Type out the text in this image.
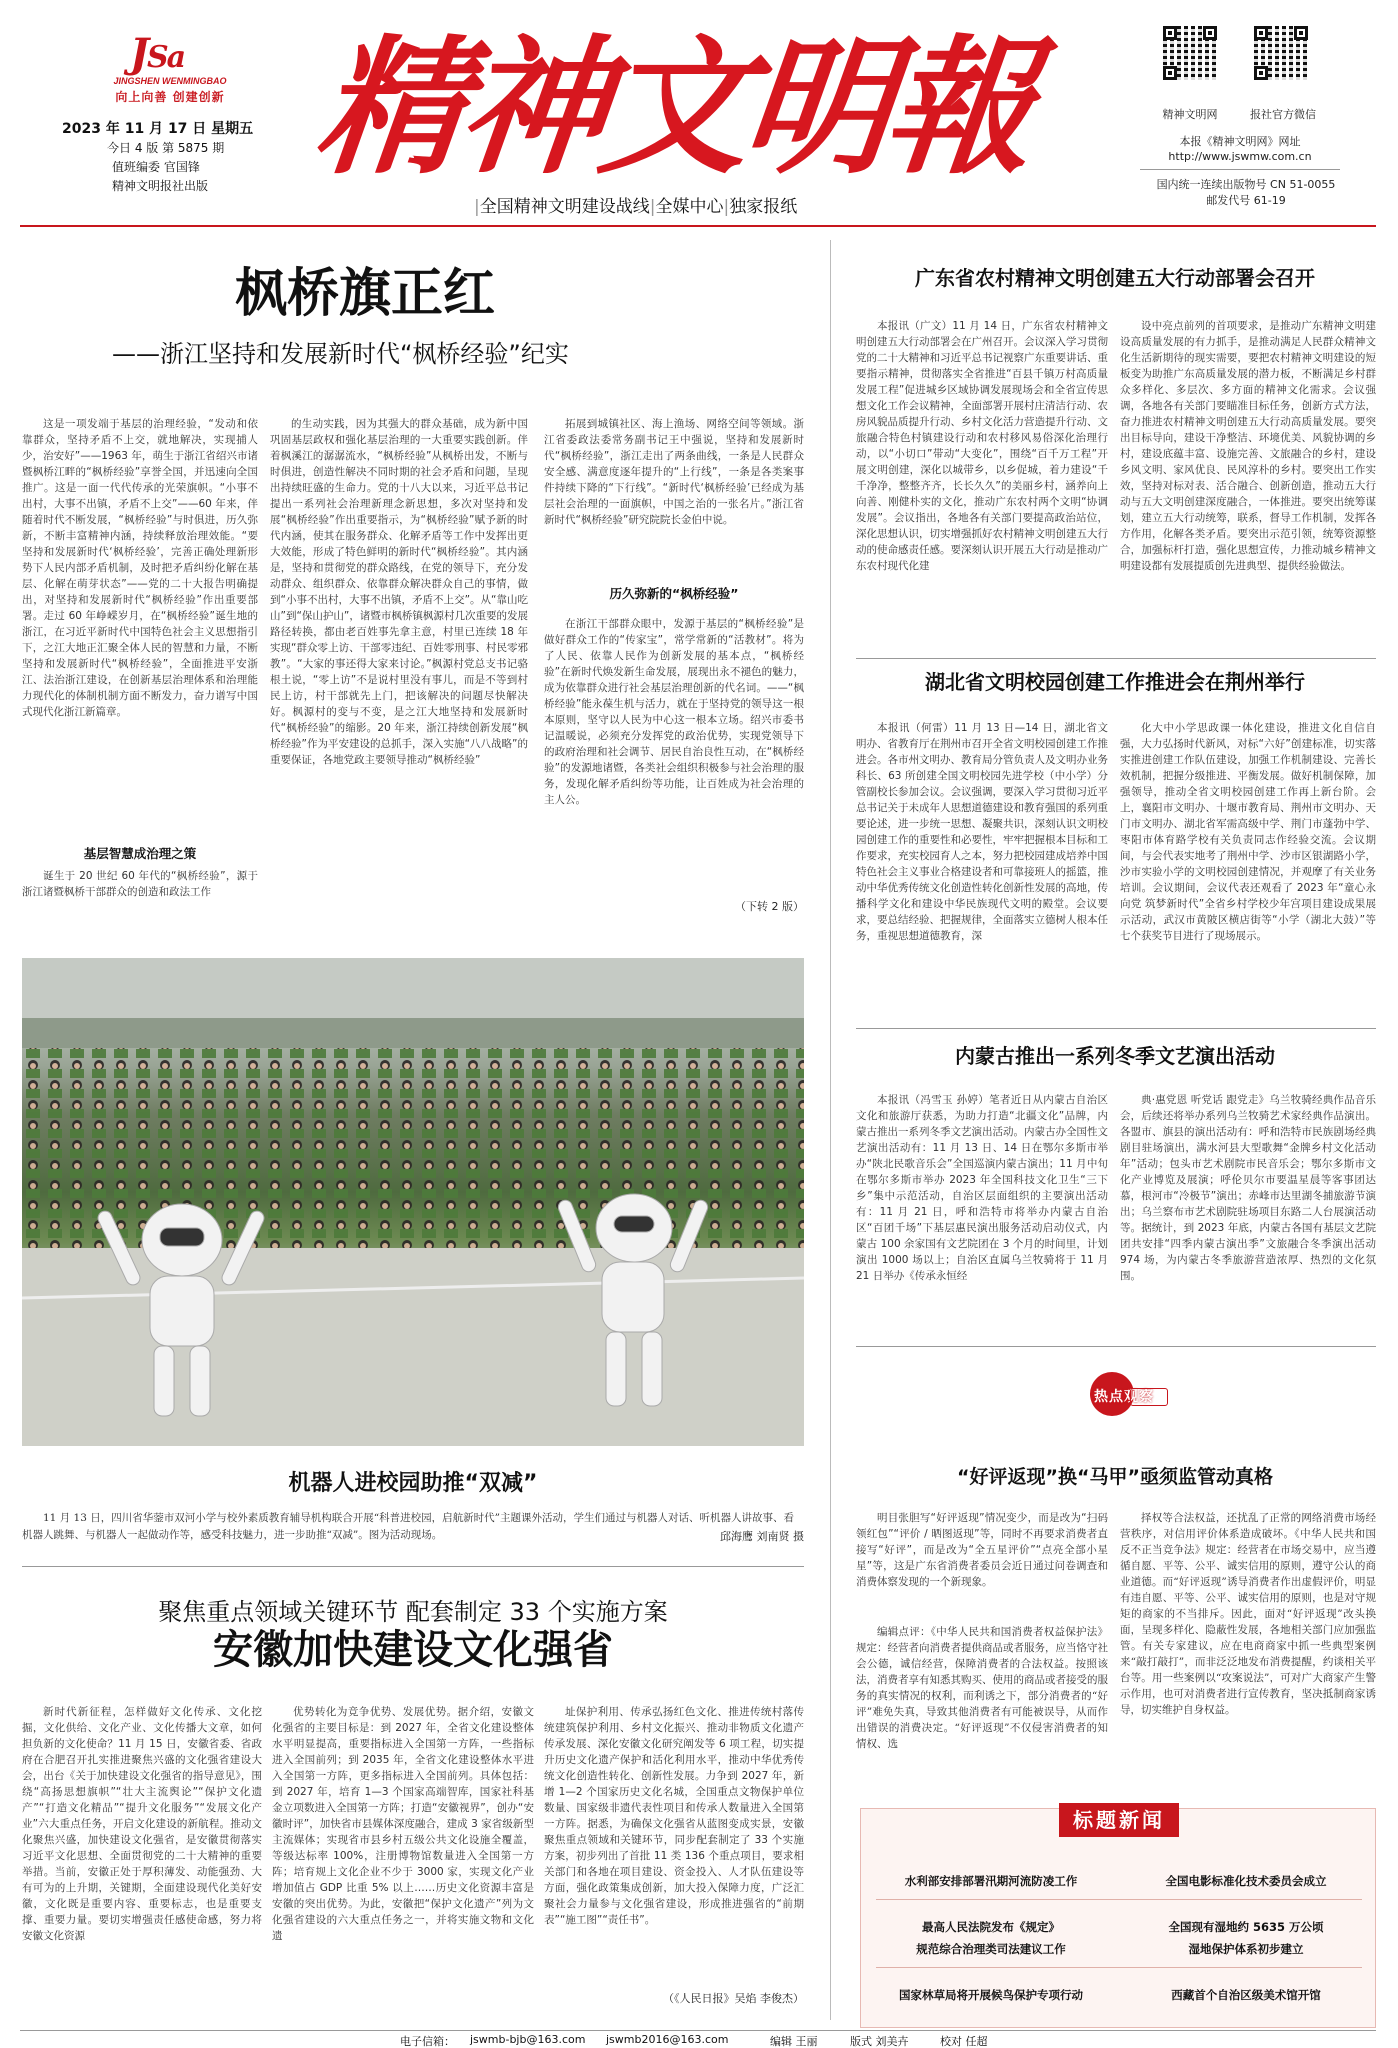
JSa
JINGSHEN WENMINGBAO
向上向善 创建创新
2023 年 11 月 17 日 星期五
今日 4 版 第 5875 期
值班编委 官国锋
精神文明报社出版 精神文明報
|全国精神文明建设战线|全媒中心|独家报纸
精神文明网	报社官方微信
本报《精神文明网》网址
http://www.jswmw.com.cn
国内统一连续出版物号 CN 51-0055
邮发代号 61-19
枫桥旗正红
——浙江坚持和发展新时代“枫桥经验”纪实
这是一项发端于基层的治理经验，“发动和依靠群众，坚持矛盾不上交，就地解决，实现捕人少，治安好”——1963 年，萌生于浙江省绍兴市诸暨枫桥江畔的“枫桥经验”享誉全国，并迅速向全国推广。这是一面一代代传承的光荣旗帜。“小事不出村，大事不出镇，矛盾不上交”——60 年来，伴随着时代不断发展，“枫桥经验”与时俱进，历久弥新，不断丰富精神内涵，持续释放治理效能。“要坚持和发展新时代‘枫桥经验’，完善正确处理新形势下人民内部矛盾机制，及时把矛盾纠纷化解在基层、化解在萌芽状态”——党的二十大报告明确提出，对坚持和发展新时代“枫桥经验”作出重要部署。走过 60 年峥嵘岁月，在“枫桥经验”诞生地的浙江，在习近平新时代中国特色社会主义思想指引下，之江大地正汇聚全体人民的智慧和力量，不断坚持和发展新时代“枫桥经验”，全面推进平安浙江、法治浙江建设，在创新基层治理体系和治理能力现代化的体制机制方面不断发力，奋力谱写中国式现代化浙江新篇章。
基层智慧成治理之策
诞生于 20 世纪 60 年代的“枫桥经验”，源于浙江诸暨枫桥干部群众的创造和政法工作
的生动实践，因为其强大的群众基础，成为新中国巩固基层政权和强化基层治理的一大重要实践创新。伴着枫溪江的潺潺流水，“枫桥经验”从枫桥出发，不断与时俱进，创造性解决不同时期的社会矛盾和问题，呈现出持续旺盛的生命力。党的十八大以来，习近平总书记提出一系列社会治理新理念新思想，多次对坚持和发展“枫桥经验”作出重要指示，为“枫桥经验”赋予新的时代内涵，使其在服务群众、化解矛盾等工作中发挥出更大效能，形成了特色鲜明的新时代“枫桥经验”。其内涵是，坚持和贯彻党的群众路线，在党的领导下，充分发动群众、组织群众、依靠群众解决群众自己的事情，做到“小事不出村，大事不出镇，矛盾不上交”。从“靠山吃山”到“保山护山”，诸暨市枫桥镇枫源村几次重要的发展路径转换，都由老百姓事先拿主意，村里已连续 18 年实现“群众零上访、干部零违纪、百姓零刑事、村民零邪教”。“大家的事还得大家来讨论。”枫源村党总支书记骆根土说，“零上访”不是说村里没有事儿，而是不等到村民上访，村干部就先上门，把该解决的问题尽快解决好。枫源村的变与不变，是之江大地坚持和发展新时代“枫桥经验”的缩影。20 年来，浙江持续创新发展“枫桥经验”作为平安建设的总抓手，深入实施“八八战略”的重要保证，各地党政主要领导推动“枫桥经验”
拓展到城镇社区、海上渔场、网络空间等领域。浙江省委政法委常务副书记王中强说，坚持和发展新时代“枫桥经验”，浙江走出了两条曲线，一条是人民群众安全感、满意度逐年提升的“上行线”，一条是各类案事件持续下降的“下行线”。“新时代‘枫桥经验’已经成为基层社会治理的一面旗帜，中国之治的一张名片。”浙江省新时代“枫桥经验”研究院院长金伯中说。
历久弥新的“枫桥经验”
在浙江干部群众眼中，发源于基层的“枫桥经验”是做好群众工作的“传家宝”，常学常新的“活教材”。将为了人民、依靠人民作为创新发展的基本点，“枫桥经验”在新时代焕发新生命发展，展现出永不褪色的魅力，成为依靠群众进行社会基层治理创新的代名词。——“枫桥经验”能永葆生机与活力，就在于坚持党的领导这一根本原则，坚守以人民为中心这一根本立场。绍兴市委书记温暖说，必须充分发挥党的政治优势，实现党领导下的政府治理和社会调节、居民自治良性互动，在“枫桥经验”的发源地诸暨，各类社会组织积极参与社会治理的服务，发现化解矛盾纠纷等功能，让百姓成为社会治理的主人公。
（下转 2 版）
机器人进校园助推“双减”
11 月 13 日，四川省华蓥市双河小学与校外素质教育辅导机构联合开展“科普进校园，启航新时代”主题课外活动，学生们通过与机器人对话、听机器人讲故事、看机器人跳舞、与机器人一起做动作等，感受科技魅力，进一步助推“双减”。图为活动现场。	邱海鹰 刘南贤 摄
聚焦重点领域关键环节 配套制定 33 个实施方案
安徽加快建设文化强省
新时代新征程，怎样做好文化传承、文化挖掘，文化供给、文化产业、文化传播大文章，如何担负新的文化使命？11 月 15 日，安徽省委、省政府在合肥召开扎实推进聚焦兴盛的文化强省建设大会，出台《关于加快建设文化强省的指导意见》，围绕“高扬思想旗帜”“壮大主流舆论”“保护文化遗产”“打造文化精品”“提升文化服务”“发展文化产业”六大重点任务，开启文化建设的新航程。推动文化聚焦兴盛，加快建设文化强省，是安徽贯彻落实习近平文化思想、全面贯彻党的二十大精神的重要举措。当前，安徽正处于厚积薄发、动能强劲、大有可为的上升期，关键期，全面建设现代化美好安徽，文化既是重要内容、重要标志，也是重要支撑、重要力量。要切实增强责任感使命感，努力将安徽文化资源
优势转化为竞争优势、发展优势。据介绍，安徽文化强省的主要目标是：到 2027 年，全省文化建设整体水平明显提高，重要指标进入全国第一方阵，一些指标进入全国前列；到 2035 年，全省文化建设整体水平进入全国第一方阵，更多指标进入全国前列。具体包括：到 2027 年，培育 1—3 个国家高端智库，国家社科基金立项数进入全国第一方阵；打造“安徽视界”，创办“安徽时评”，加快省市县媒体深度融合，建成 3 家省级新型主流媒体；实现省市县乡村五级公共文化设施全覆盖，等级达标率 100%，注册博物馆数量进入全国第一方阵；培育规上文化企业不少于 3000 家，实现文化产业增加值占 GDP 比重 5% 以上……历史文化资源丰富是安徽的突出优势。为此，安徽把“保护文化遗产”列为文化强省建设的六大重点任务之一，并将实施文物和文化遗
址保护利用、传承弘扬红色文化、推进传统村落传统建筑保护利用、乡村文化振兴、推动非物质文化遗产传承发展、深化安徽文化研究阐发等 6 项工程，切实提升历史文化遗产保护和活化利用水平，推动中华优秀传统文化创造性转化、创新性发展。力争到 2027 年，新增 1—2 个国家历史文化名城，全国重点文物保护单位数量、国家级非遗代表性项目和传承人数量进入全国第一方阵。据悉，为确保文化强省从蓝图变成实景，安徽聚焦重点领域和关键环节，同步配套制定了 33 个实施方案，初步列出了首批 11 类 136 个重点项目，要求相关部门和各地在项目建设、资金投入、人才队伍建设等方面，强化政策集成创新，加大投入保障力度，广泛汇聚社会力量参与文化强省建设，形成推进强省的“前期表”“施工图”“责任书”。
（《人民日报》吴焰 李俊杰）
广东省农村精神文明创建五大行动部署会召开
本报讯（广文）11 月 14 日，广东省农村精神文明创建五大行动部署会在广州召开。会议深入学习贯彻党的二十大精神和习近平总书记视察广东重要讲话、重要指示精神，贯彻落实全省推进“百县千镇万村高质量发展工程”促进城乡区域协调发展现场会和全省宣传思想文化工作会议精神，全面部署开展村庄清洁行动、农房风貌品质提升行动、乡村文化活力营造提升行动、文旅融合特色村镇建设行动和农村移风易俗深化治理行动，以“小切口”带动“大变化”，围绕“百千万工程”开展文明创建，深化以城带乡，以乡促城，着力建设“千千净净，整整齐齐，长长久久”的美丽乡村，涵养向上向善、刚健朴实的文化，推动广东农村两个文明“协调发展”。会议指出，各地各有关部门要提高政治站位，深化思想认识，切实增强抓好农村精神文明创建五大行动的使命感责任感。要深刻认识开展五大行动是推动广东农村现代化建
设中亮点前列的首项要求，是推动广东精神文明建设高质量发展的有力抓手，是推动满足人民群众精神文化生活新期待的现实需要，要把农村精神文明建设的短板变为助推广东高质量发展的潜力板，不断满足乡村群众多样化、多层次、多方面的精神文化需求。会议强调，各地各有关部门要瞄准目标任务，创新方式方法，奋力推进农村精神文明创建五大行动高质量发展。要突出目标导向，建设干净整洁、环境优美、风貌协调的乡村，建设底蕴丰富、设施完善、文旅融合的乡村，建设乡风文明、家风优良、民风淳朴的乡村。要突出工作实效，坚持对标对表、活合融合、创新创造，推动五大行动与五大文明创建深度融合，一体推进。要突出统筹谋划，建立五大行动统筹，联系，督导工作机制，发挥各方作用，化解各类矛盾。要突出示范引领，统筹资源整合，加强标杆打造，强化思想宣传，力推动城乡精神文明建设都有发展提质创先进典型、提供经验做法。
湖北省文明校园创建工作推进会在荆州举行
本报讯（何雷）11 月 13 日—14 日，湖北省文明办、省教育厅在荆州市召开全省文明校园创建工作推进会。各市州文明办、教育局分管负责人及文明办业务科长、63 所创建全国文明校园先进学校（中小学）分管副校长参加会议。会议强调，要深入学习贯彻习近平总书记关于未成年人思想道德建设和教育强国的系列重要论述，进一步统一思想、凝聚共识，深刻认识文明校园创建工作的重要性和必要性，牢牢把握根本目标和工作要求，充实校园育人之本，努力把校园建成培养中国特色社会主义事业合格建设者和可靠接班人的摇篮，推动中华优秀传统文化创造性转化创新性发展的高地，传播科学文化和建设中华民族现代文明的殿堂。会议要求，要总结经验、把握规律，全面落实立德树人根本任务，重视思想道德教育，深
化大中小学思政课一体化建设，推进文化自信自强，大力弘扬时代新风，对标“六好”创建标准，切实落实推进创建工作队伍建设，加强工作机制建设、完善长效机制，把握分级推进、平衡发展。做好机制保障，加强领导，推动全省文明校园创建工作再上新台阶。会上，襄阳市文明办、十堰市教育局、荆州市文明办、天门市文明办、湖北省军需高级中学、荆门市蓬勃中学、枣阳市体育路学校有关负责同志作经验交流。会议期间，与会代表实地考了荆州中学、沙市区银湖路小学，沙市实验小学的文明校园创建情况，并观摩了有关业务培训。会议期间，会议代表还观看了 2023 年“童心永向党 筑梦新时代”全省乡村学校少年宫项目建设成果展示活动，武汉市黄陂区横店街等“小学（湖北大鼓）”等七个获奖节目进行了现场展示。
内蒙古推出一系列冬季文艺演出活动
本报讯（冯雪玉 孙婷）笔者近日从内蒙古自治区文化和旅游厅获悉，为助力打造“北疆文化”品牌，内蒙古推出一系列冬季文艺演出活动。内蒙古办全国性文艺演出活动有：11 月 13 日、14 日在鄂尔多斯市举办“陕北民歌音乐会”全国巡演内蒙古演出；11 月中旬在鄂尔多斯市举办 2023 年全国科技文化卫生“三下乡”集中示范活动，自治区层面组织的主要演出活动有：11 月 21 日，呼和浩特市将举办内蒙古自治区“百团千场”下基层惠民演出服务活动启动仪式，内蒙古 100 余家国有文艺院团在 3 个月的时间里，计划演出 1000 场以上；自治区直属乌兰牧骑将于 11 月 21 日举办《传承永恒经
典·惠党恩 听党话 跟党走》乌兰牧骑经典作品音乐会，后续还将举办系列乌兰牧骑艺术家经典作品演出。各盟市、旗县的演出活动有：呼和浩特市民族剧场经典剧目驻场演出，满水河县大型歌舞“金牌乡村文化活动年”活动；包头市艺术剧院市民音乐会；鄂尔多斯市文化产业博览及展演；呼伦贝尔市要温星晨等客事团达慕，根河市“冷极节”演出；赤峰市达里湖冬捕旅游节演出；乌兰察布市艺术剧院驻场项目东路二人台展演活动等。据统计，到 2023 年底，内蒙古各国有基层文艺院团共安排“四季内蒙古演出季”文旅融合冬季演出活动 974 场，为内蒙古冬季旅游营造浓厚、热烈的文化氛围。
热点观察
“好评返现”换“马甲”亟须监管动真格
明目张胆写“好评返现”情况变少，而是改为“扫码领红包”“评价 / 晒图返现”等，同时不再要求消费者直接写“好评”，而是改为“全五星评价”“点亮全部小星星”等，这是广东省消费者委员会近日通过问卷调查和消费体察发现的一个新现象。
编辑点评：《中华人民共和国消费者权益保护法》规定：经营者向消费者提供商品或者服务，应当恪守社会公德，诚信经营，保障消费者的合法权益。按照该法，消费者享有知悉其购买、使用的商品或者接受的服务的真实情况的权利，而利诱之下，部分消费者的“好评”难免失真，导致其他消费者有可能被误导，从而作出错误的消费决定。“好评返现”不仅侵害消费者的知情权、选
择权等合法权益，还扰乱了正常的网络消费市场经营秩序，对信用评价体系造成破坏。《中华人民共和国反不正当竞争法》规定：经营者在市场交易中，应当遵循自愿、平等、公平、诚实信用的原则，遵守公认的商业道德。而“好评返现”诱导消费者作出虚假评价，明显有违自愿、平等、公平、诚实信用的原则，也是对守规矩的商家的不当排斥。因此，面对“好评返现”改头换面，呈现多样化、隐蔽性发展，各地相关部门应加强监管。有关专家建议，应在电商商家中抓一些典型案例来“敲打敲打”，而非泛泛地发布消费提醒，约谈相关平台等。用一些案例以“攻案说法”，可对广大商家产生警示作用，也可对消费者进行宣传教育，坚决抵制商家诱导，切实维护自身权益。
标题新闻
水利部安排部署汛期河流防凌工作	全国电影标准化技术委员会成立
最高人民法院发布《规定》	全国现有湿地约 5635 万公顷
规范综合治理类司法建议工作	湿地保护体系初步建立
国家林草局将开展候鸟保护专项行动	西藏首个自治区级美术馆开馆
电子信箱： jswmb-bjb@163.com jswmb2016@163.com	编辑 王丽	版式 刘美卉	校对 任超
